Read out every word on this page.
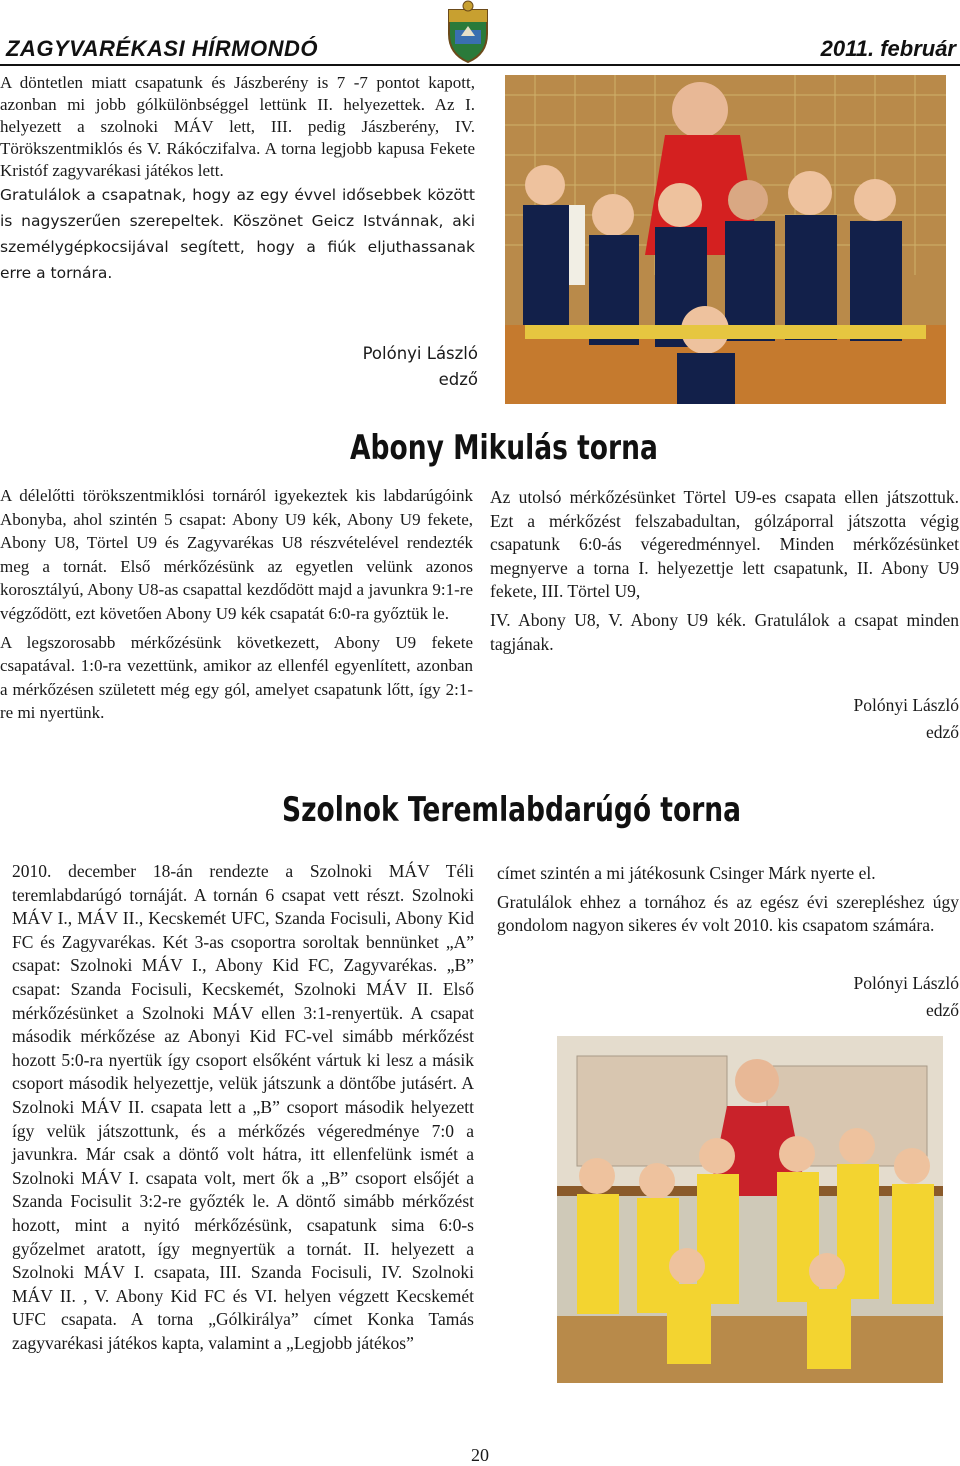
ZAGYVARÉKASI HÍRMONDÓ	2011. február

A döntetlen miatt csapatunk és Jászberény is 7 -7 pontot kapott, azonban mi jobb gólkülönbséggel lettünk II. helyezettek. Az I. helyezett a szolnoki MÁV lett, III. pedig Jászberény, IV. Törökszentmiklós és V. Rákóczifalva. A torna legjobb kapusa Fekete Kristóf zagyvarékasi játékos lett.

Gratulálok a csapatnak, hogy az egy évvel idősebbek között is nagyszerűen szerepeltek. Köszönet Geicz Istvánnak, aki személygépkocsijával segített, hogy a fiúk eljuthassanak erre a tornára.

Polónyi László
edző
Abony Mikulás torna

A délelőtti törökszentmiklósi tornáról igyekeztek kis labdarúgóink Abonyba, ahol szintén 5 csapat: Abony U9 kék, Abony U9 fekete, Abony U8, Törtel U9 és Zagyvarékas U8 részvételével rendezték meg a tornát. Első mérkőzésünk az egyetlen velünk azonos korosztályú, Abony U8-as csapattal kezdődött majd a javunkra 9:1-re végződött, ezt követően Abony U9 kék csapatát 6:0-ra győztük le.

A legszorosabb mérkőzésünk következett, Abony U9 fekete csapatával. 1:0-ra vezettünk, amikor az ellenfél egyenlített, azonban a mérkőzésen született még egy gól, amelyet csapatunk lőtt, így 2:1-re mi nyertünk.

Az utolsó mérkőzésünket Törtel U9-es csapata ellen játszottuk. Ezt a mérkőzést felszabadultan, gólzáporral játszotta végig csapatunk 6:0-ás végeredménnyel. Minden mérkőzésünket megnyerve a torna I. helyezettje lett csapatunk, II. Abony U9 fekete, III. Törtel U9,

IV. Abony U8, V. Abony U9 kék. Gratulálok a csapat minden tagjának.

Polónyi László
edző
Szolnok Teremlabdarúgó torna

2010. december 18-án rendezte a Szolnoki MÁV Téli teremlabdarúgó tornáját. A tornán 6 csapat vett részt. Szolnoki MÁV I., MÁV II., Kecskemét UFC, Szanda Focisuli, Abony Kid FC és Zagyvarékas. Két 3-as csoportra soroltak bennünket „A” csapat: Szolnoki MÁV I., Abony Kid FC, Zagyvarékas. „B” csapat: Szanda Focisuli, Kecskemét, Szolnoki MÁV II. Első mérkőzésünket a Szolnoki MÁV ellen 3:1-renyertük. A csapat második mérkőzése az Abonyi Kid FC-vel simább mérkőzést hozott 5:0-ra nyertük így csoport elsőként vártuk ki lesz a másik csoport második helyezettje, velük játszunk a döntőbe jutásért. A Szolnoki MÁV II. csapata lett a „B” csoport második helyezett így velük játszottunk, és a mérkőzés végeredménye 7:0 a javunkra. Már csak a döntő volt hátra, itt ellenfelünk ismét a Szolnoki MÁV I. csapata volt, mert ők a „B” csoport elsőjét a Szanda Focisulit 3:2-re győzték le. A döntő simább mérkőzést hozott, mint a nyitó mérkőzésünk, csapatunk sima 6:0-s győzelmet aratott, így megnyertük a tornát. II. helyezett a Szolnoki MÁV I. csapata, III. Szanda Focisuli, IV. Szolnoki MÁV II. , V. Abony Kid FC és VI. helyen végzett Kecskemét UFC csapata. A torna „Gólkirálya” címet Konka Tamás zagyvarékasi játékos kapta, valamint a „Legjobb játékos”

címet szintén a mi játékosunk Csinger Márk nyerte el.

Gratulálok ehhez a tornához és az egész évi szerepléshez úgy gondolom nagyon sikeres év volt 2010. kis csapatom számára.

Polónyi László
edző
20
